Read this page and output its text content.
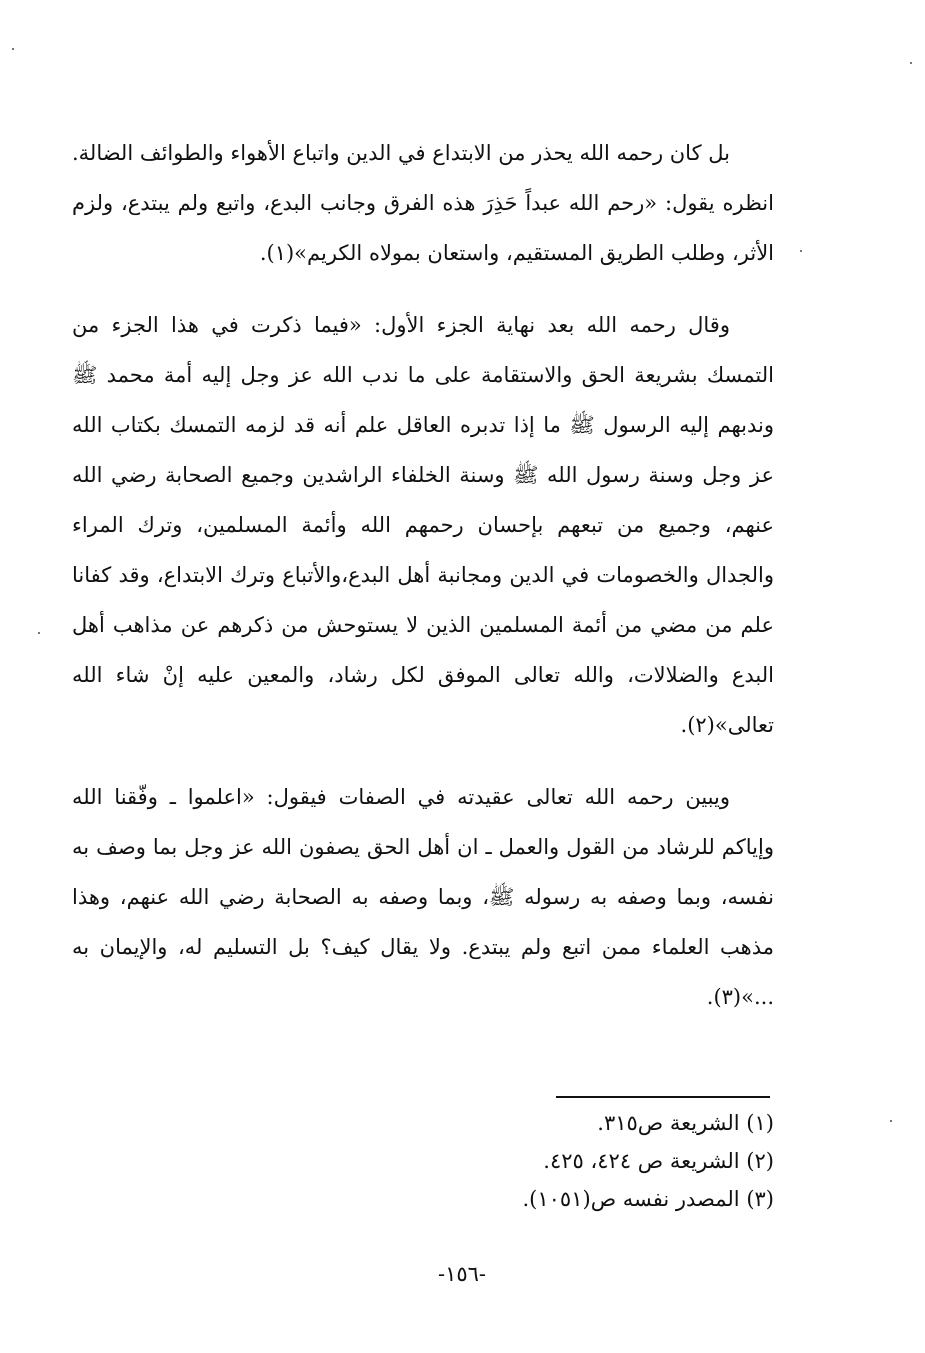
بل كان رحمه الله يحذر من الابتداع في الدين واتباع الأهواء والطوائف الضالة. انظره يقول: «رحم الله عبداً حَذِرَ هذه الفرق وجانب البدع، واتبع ولم يبتدع، ولزم الأثر، وطلب الطريق المستقيم، واستعان بمولاه الكريم»(١).

وقال رحمه الله بعد نهاية الجزء الأول: «فيما ذكرت في هذا الجزء من التمسك بشريعة الحق والاستقامة على ما ندب الله عز وجل إليه أمة محمد ﷺ وندبهم إليه الرسول ﷺ ما إذا تدبره العاقل علم أنه قد لزمه التمسك بكتاب الله عز وجل وسنة رسول الله ﷺ وسنة الخلفاء الراشدين وجميع الصحابة رضي الله عنهم، وجميع من تبعهم بإحسان رحمهم الله وأئمة المسلمين، وترك المراء والجدال والخصومات في الدين ومجانبة أهل البدع،والأتباع وترك الابتداع، وقد كفانا علم من مضي من أئمة المسلمين الذين لا يستوحش من ذكرهم عن مذاهب أهل البدع والضلالات، والله تعالى الموفق لكل رشاد، والمعين عليه إنْ شاء الله تعالى»(٢).

ويبين رحمه الله تعالى عقيدته في الصفات فيقول: «اعلموا ـ وفّقنا الله وإياكم للرشاد من القول والعمل ـ ان أهل الحق يصفون الله عز وجل بما وصف به نفسه، وبما وصفه به رسوله ﷺ، وبما وصفه به الصحابة رضي الله عنهم، وهذا مذهب العلماء ممن اتبع ولم يبتدع. ولا يقال كيف؟ بل التسليم له، والإيمان به ...»(٣).

(١) الشريعة ص٣١٥.

(٢) الشريعة ص ٤٢٤، ٤٢٥.

(٣) المصدر نفسه ص(١٠٥١).

-١٥٦-
